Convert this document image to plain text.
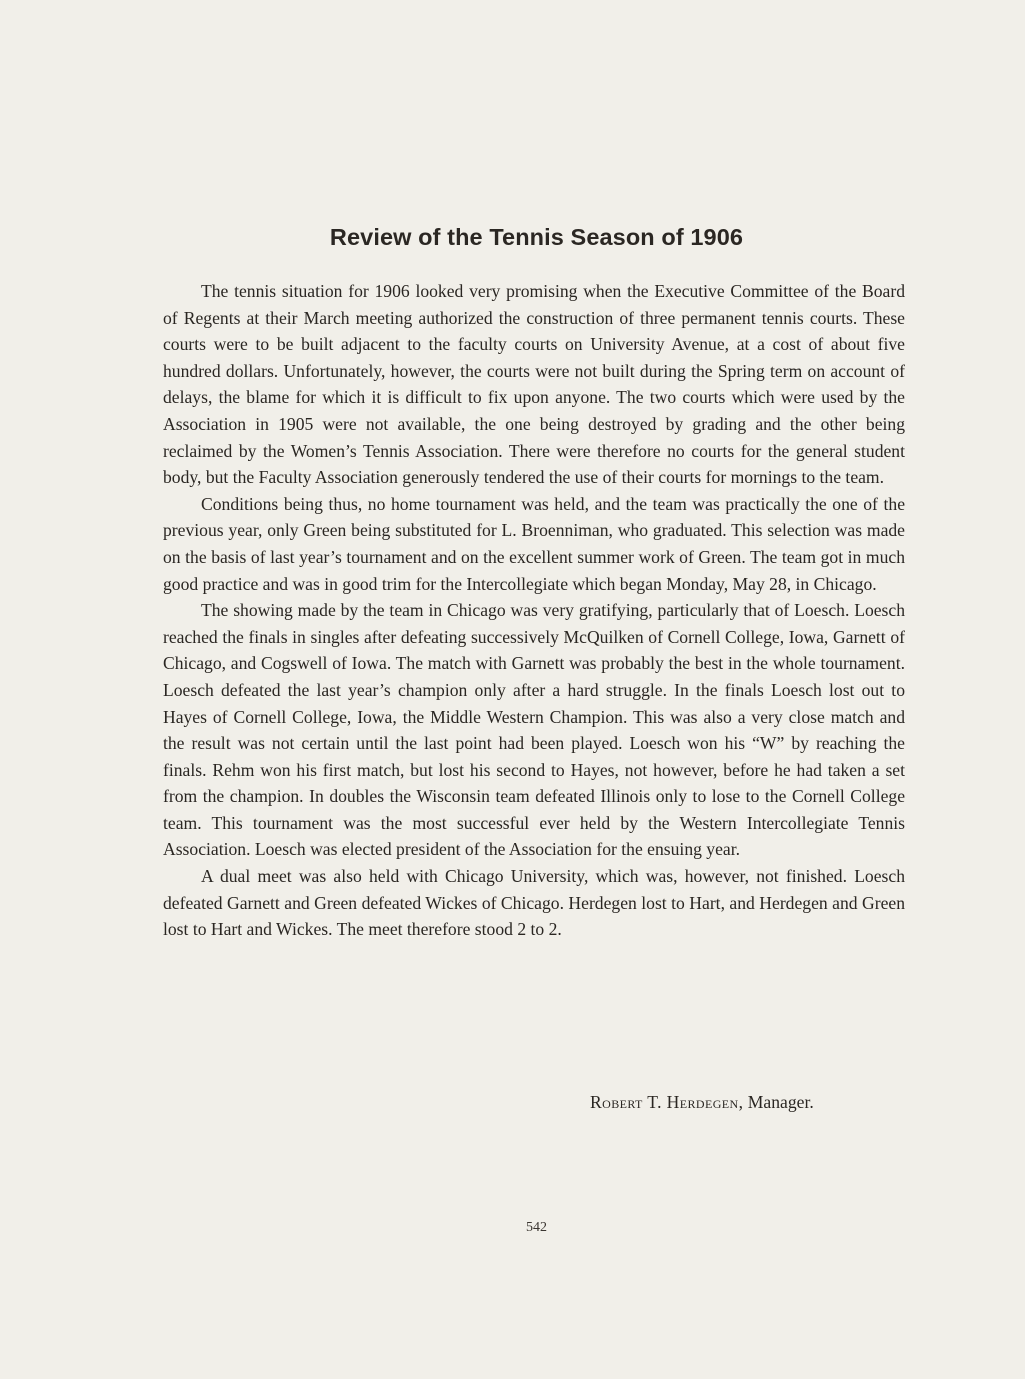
Review of the Tennis Season of 1906

The tennis situation for 1906 looked very promising when the Executive Committee of the Board of Regents at their March meeting authorized the construction of three permanent tennis courts. These courts were to be built adjacent to the faculty courts on University Avenue, at a cost of about five hundred dollars. Unfortunately, however, the courts were not built during the Spring term on account of delays, the blame for which it is difficult to fix upon anyone. The two courts which were used by the Association in 1905 were not available, the one being destroyed by grading and the other being reclaimed by the Women’s Tennis Association. There were therefore no courts for the general student body, but the Faculty Association generously tendered the use of their courts for mornings to the team.

Conditions being thus, no home tournament was held, and the team was practically the one of the previous year, only Green being substituted for L. Broenniman, who graduated. This selection was made on the basis of last year’s tournament and on the excellent summer work of Green. The team got in much good practice and was in good trim for the Intercollegiate which began Monday, May 28, in Chicago.

The showing made by the team in Chicago was very gratifying, particularly that of Loesch. Loesch reached the finals in singles after defeating successively McQuilken of Cornell College, Iowa, Garnett of Chicago, and Cogswell of Iowa. The match with Garnett was probably the best in the whole tournament. Loesch defeated the last year’s champion only after a hard struggle. In the finals Loesch lost out to Hayes of Cornell College, Iowa, the Middle Western Champion. This was also a very close match and the result was not certain until the last point had been played. Loesch won his “W” by reaching the finals. Rehm won his first match, but lost his second to Hayes, not however, before he had taken a set from the champion. In doubles the Wisconsin team defeated Illinois only to lose to the Cornell College team. This tournament was the most successful ever held by the Western Intercollegiate Tennis Association. Loesch was elected president of the Association for the ensuing year.

A dual meet was also held with Chicago University, which was, however, not finished. Loesch defeated Garnett and Green defeated Wickes of Chicago. Herdegen lost to Hart, and Herdegen and Green lost to Hart and Wickes. The meet therefore stood 2 to 2.

Robert T. Herdegen, Manager.
542
